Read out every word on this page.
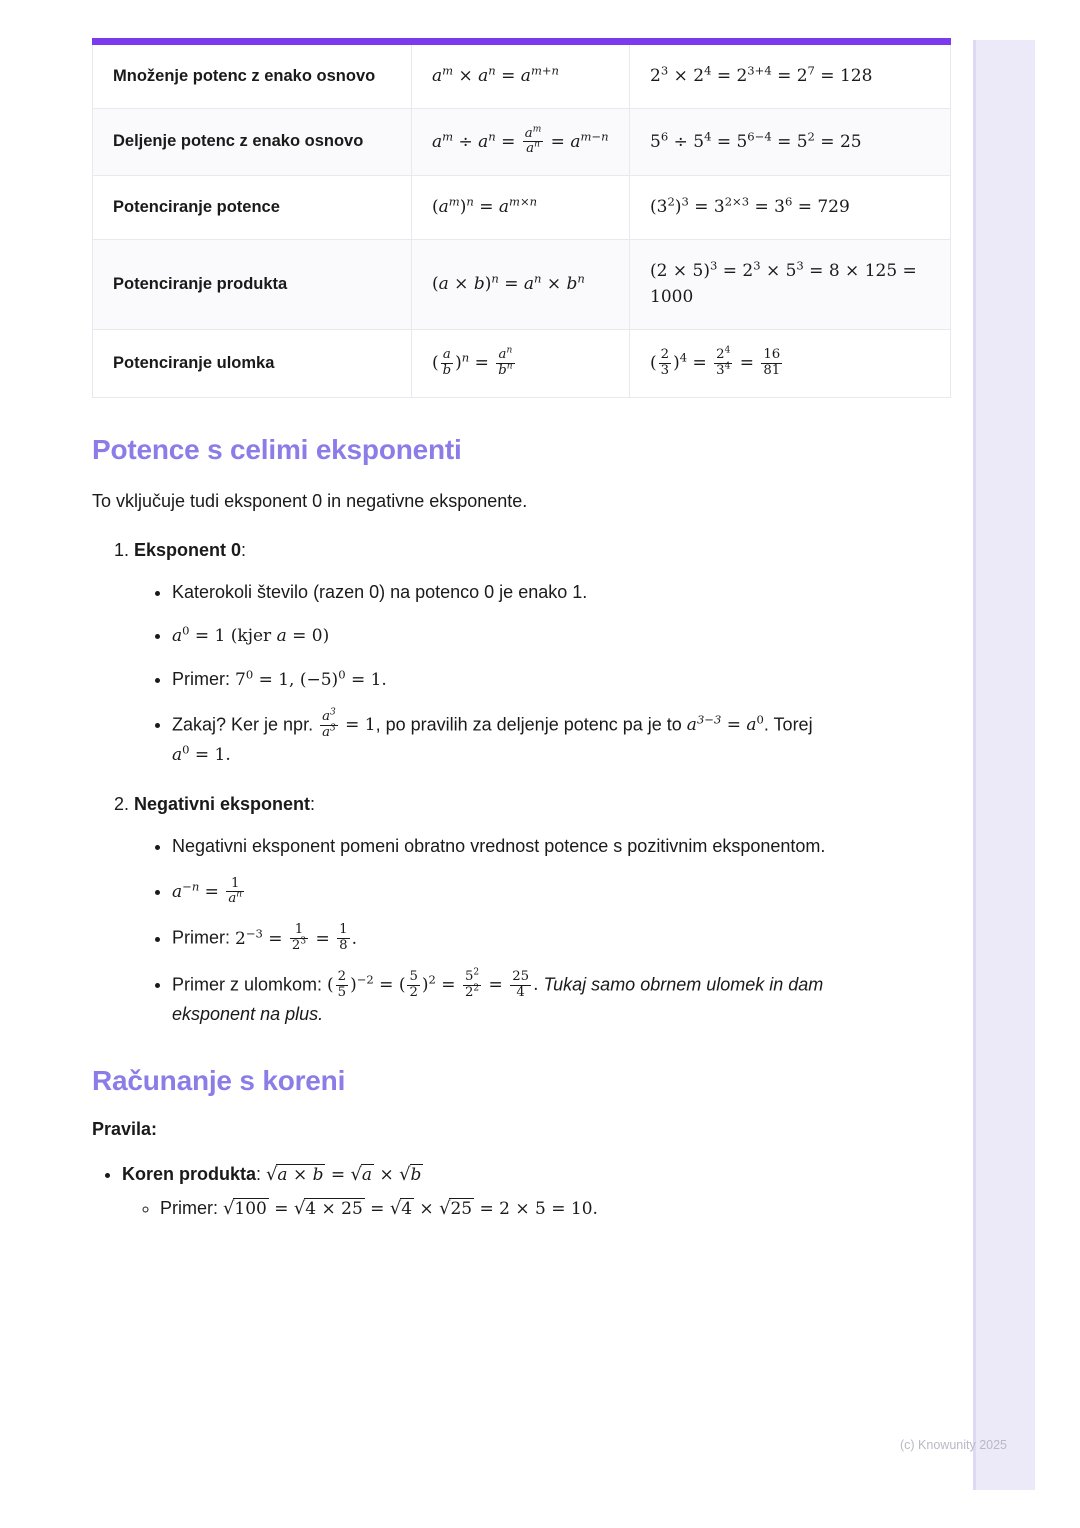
Množenje potenc z enako osnovo	$a^m \times a^n = a^{m+n}$	$2^3 \times 2^4 = 2^{3+4} = 2^7 = 128$
Deljenje potenc z enako osnovo	$a^m \div a^n = \frac{a^m}{a^n} = a^{m-n}$	$5^6 \div 5^4 = 5^{6-4} = 5^2 = 25$
Potenciranje potence	$(a^m)^n = a^{m\times n}$	$(3^2)^3 = 3^{2\times 3} = 3^6 = 729$
Potenciranje produkta	$(a \times b)^n = a^n \times b^n$	$(2 \times 5)^3 = 2^3 \times 5^3 = 8 \times 125 = 1000$
Potenciranje ulomka	( $\frac{a}{b} )^n = \frac{a^n}{b^n}$	( $\frac{2}{3} )^4 = \frac{2^4}{3^4} = \frac{16}{81}$
Potence s celimi eksponenti

To vključuje tudi eksponent 0 in negativne eksponente.

1. Eksponent 0:
• Katerokoli število (razen 0) na potenco 0 je enako 1.
• $a^0 = 1$ (kjer a = 0)
• Primer: $7^0 = 1$, $(-5)^0 = 1$.
• Zakaj? Ker je npr. $\frac{a^3}{a^3} = 1$, po pravilih za deljenje potenc pa je to $a^{3-3} = a^0$. Torej $a^0 = 1$.
2. Negativni eksponent:
• Negativni eksponent pomeni obratno vrednost potence s pozitivnim eksponentom.
• $a^{-n} = \frac{1}{a^n}$
• Primer: $2^{-3} = \frac{1}{2^3} = \frac{1}{8}$ .
• Primer z ulomkom: ( $\frac{2}{5} )^{-2}$ = ( $\frac{5}{2} )^2 = \frac{5^2}{2^2} = \frac{25}{4}$ . Tukaj samo obrnem ulomek in dam eksponent na plus.
Računanje s koreni

Pravila:

• Koren produkta: √a × b = √a × √b
◦ Primer: √100 = √4 × 25 = √4 × √25 = 2 × 5 = 10.
(c) Knowunity 2025
